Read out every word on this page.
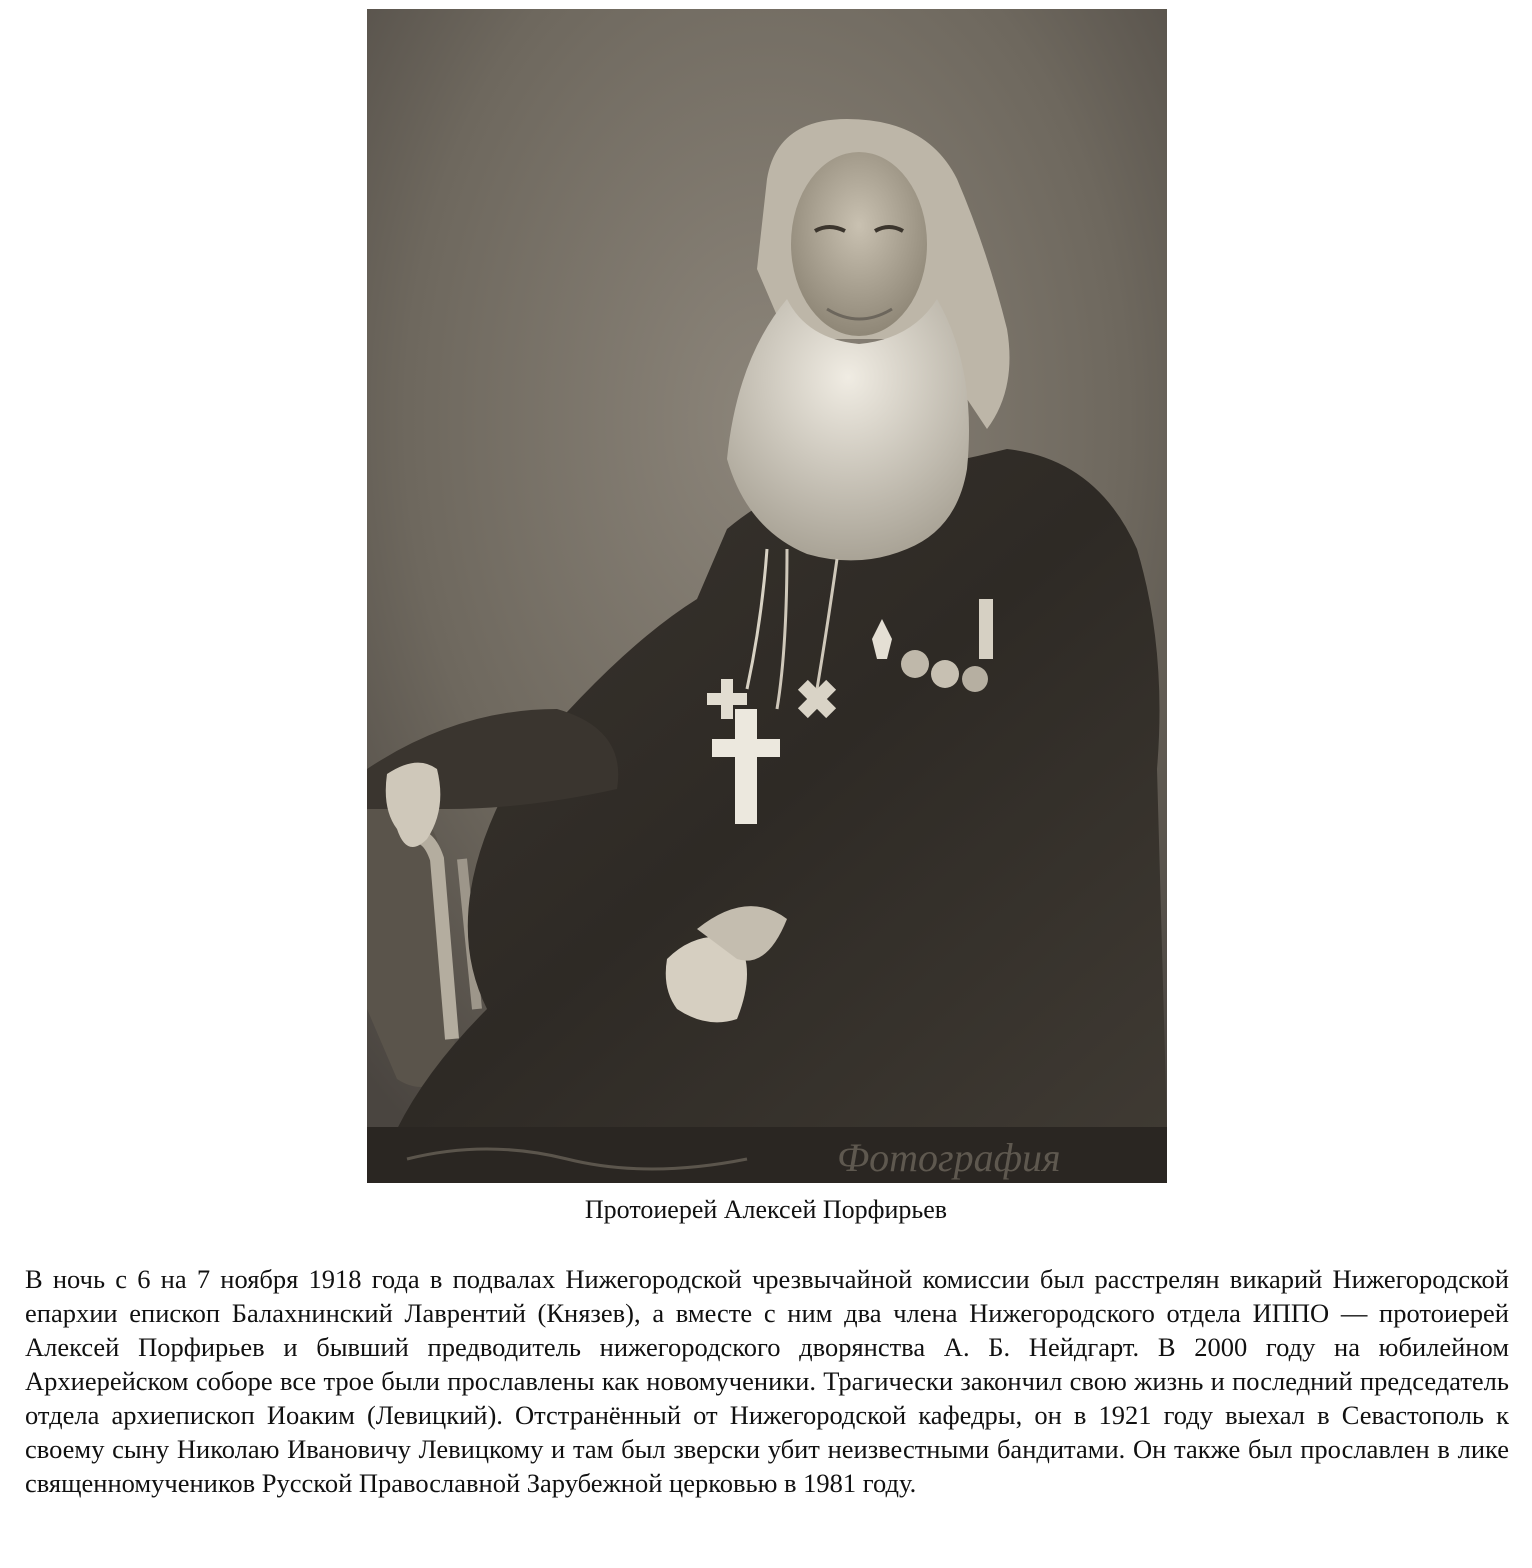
Фотография
Протоиерей Алексей Порфирьев

В ночь с 6 на 7 ноября 1918 года в подвалах Нижегородской чрезвычайной комиссии был расстрелян викарий Нижегородской епархии епископ Балахнинский Лаврентий (Князев), а вместе с ним два члена Нижегородского отдела ИППО — протоиерей Алексей Порфирьев и бывший предводитель нижегородского дворянства А. Б. Нейдгарт. В 2000 году на юбилейном Архиерейском соборе все трое были прославлены как новомученики. Трагически закончил свою жизнь и последний председатель отдела архиепископ Иоаким (Левицкий). Отстранённый от Нижегородской кафедры, он в 1921 году выехал в Севастополь к своему сыну Николаю Ивановичу Левицкому и там был зверски убит неизвестными бандитами. Он также был прославлен в лике священномучеников Русской Православной Зарубежной церковью в 1981 году.
